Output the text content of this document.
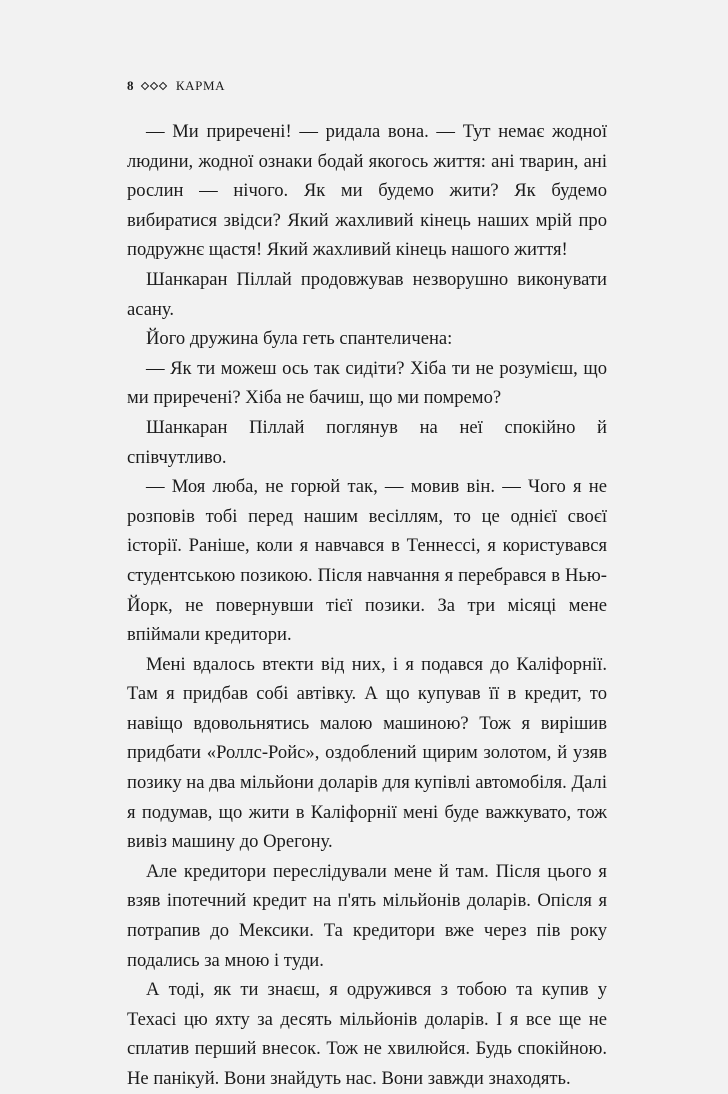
8	КАРМА

— Ми приречені! — ридала вона. — Тут немає жодної людини, жодної ознаки бодай якогось життя: ані тварин, ані рослин — нічого. Як ми будемо жити? Як будемо вибиратися звідси? Який жахливий кінець наших мрій про подружнє щастя! Який жахливий кінець нашого життя!

Шанкаран Піллай продовжував незворушно виконувати асану.

Його дружина була геть спантеличена:

— Як ти можеш ось так сидіти? Хіба ти не розумієш, що ми приречені? Хіба не бачиш, що ми помремо?

Шанкаран Піллай поглянув на неї спокійно й співчутливо.

— Моя люба, не горюй так, — мовив він. — Чого я не розповів тобі перед нашим весіллям, то це однієї своєї історії. Раніше, коли я навчався в Теннессі, я користувався студентською позикою. Після навчання я перебрався в Нью-Йорк, не повернувши тієї позики. За три місяці мене впіймали кредитори.

Мені вдалось втекти від них, і я подався до Каліфорнії. Там я придбав собі автівку. А що купував її в кредит, то навіщо вдовольнятись малою машиною? Тож я вирішив придбати «Роллс-Ройс», оздоблений щирим золотом, й узяв позику на два мільйони доларів для купівлі автомобіля. Далі я подумав, що жити в Каліфорнії мені буде важкувато, тож вивіз машину до Орегону.

Але кредитори переслідували мене й там. Після цього я взяв іпотечний кредит на п'ять мільйонів доларів. Опісля я потрапив до Мексики. Та кредитори вже через пів року подались за мною і туди.

А тоді, як ти знаєш, я одружився з тобою та купив у Техасі цю яхту за десять мільйонів доларів. І я все ще не сплатив перший внесок. Тож не хвилюйся. Будь спокійною. Не панікуй. Вони знайдуть нас. Вони завжди знаходять.
